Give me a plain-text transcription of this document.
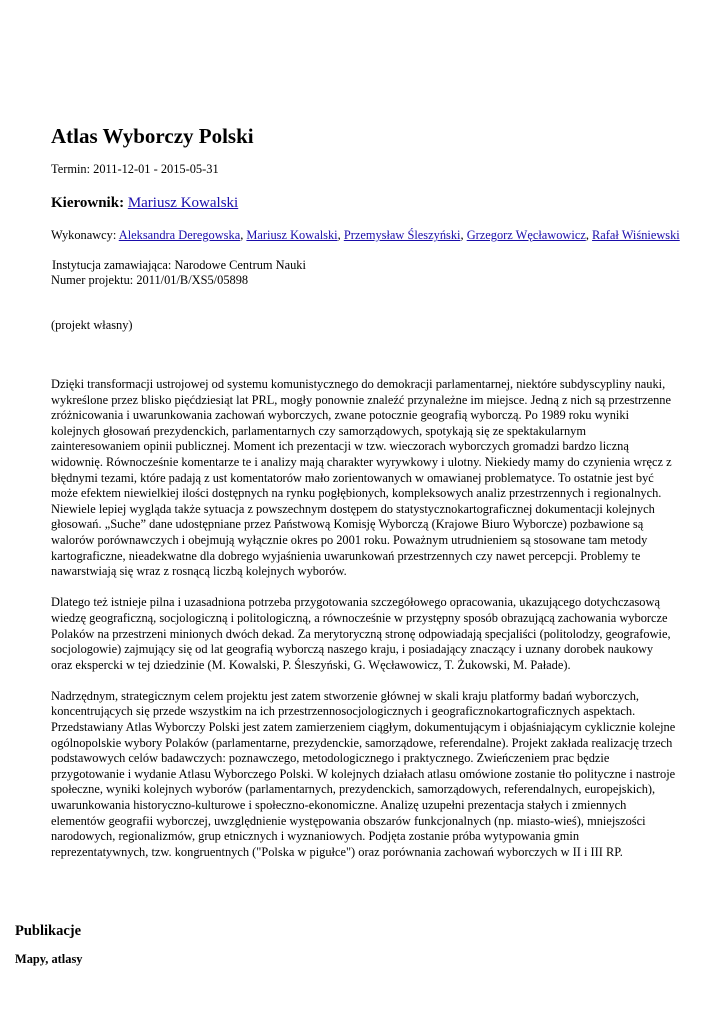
Atlas Wyborczy Polski
Termin: 2011-12-01 - 2015-05-31
Kierownik: Mariusz Kowalski
Wykonawcy: Aleksandra Deregowska, Mariusz Kowalski, Przemysław Śleszyński, Grzegorz Węcławowicz, Rafał Wiśniewski
Instytucja zamawiająca: Narodowe Centrum Nauki
Numer projektu: 2011/01/B/XS5/05898
(projekt własny)

Dzięki transformacji ustrojowej od systemu komunistycznego do demokracji parlamentarnej, niektóre subdyscypliny nauki, wykreślone przez blisko pięćdziesiąt lat PRL, mogły ponownie znaleźć przynależne im miejsce. Jedną z nich są przestrzenne zróżnicowania i uwarunkowania zachowań wyborczych, zwane potocznie geografią wyborczą. Po 1989 roku wyniki kolejnych głosowań prezydenckich, parlamentarnych czy samorządowych, spotykają się ze spektakularnym zainteresowaniem opinii publicznej. Moment ich prezentacji w tzw. wieczorach wyborczych gromadzi bardzo liczną widownię. Równocześnie komentarze te i analizy mają charakter wyrywkowy i ulotny. Niekiedy mamy do czynienia wręcz z błędnymi tezami, które padają z ust komentatorów mało zorientowanych w omawianej problematyce. To ostatnie jest być może efektem niewielkiej ilości dostępnych na rynku pogłębionych, kompleksowych analiz przestrzennych i regionalnych. Niewiele lepiej wygląda także sytuacja z powszechnym dostępem do statystycznokartograficznej dokumentacji kolejnych głosowań. „Suche” dane udostępniane przez Państwową Komisję Wyborczą (Krajowe Biuro Wyborcze) pozbawione są walorów porównawczych i obejmują wyłącznie okres po 2001 roku. Poważnym utrudnieniem są stosowane tam metody kartograficzne, nieadekwatne dla dobrego wyjaśnienia uwarunkowań przestrzennych czy nawet percepcji. Problemy te nawarstwiają się wraz z rosnącą liczbą kolejnych wyborów.

Dlatego też istnieje pilna i uzasadniona potrzeba przygotowania szczegółowego opracowania, ukazującego dotychczasową wiedzę geograficzną, socjologiczną i politologiczną, a równocześnie w przystępny sposób obrazującą zachowania wyborcze Polaków na przestrzeni minionych dwóch dekad. Za merytoryczną stronę odpowiadają specjaliści (politolodzy, geografowie, socjologowie) zajmujący się od lat geografią wyborczą naszego kraju, i posiadający znaczący i uznany dorobek naukowy oraz ekspercki w tej dziedzinie (M. Kowalski, P. Śleszyński, G. Węcławowicz, T. Żukowski, M. Pałade).

Nadrzędnym, strategicznym celem projektu jest zatem stworzenie głównej w skali kraju platformy badań wyborczych, koncentrujących się przede wszystkim na ich przestrzennosocjologicznych i geograficznokartograficznych aspektach. Przedstawiany Atlas Wyborczy Polski jest zatem zamierzeniem ciągłym, dokumentującym i objaśniającym cyklicznie kolejne ogólnopolskie wybory Polaków (parlamentarne, prezydenckie, samorządowe, referendalne). Projekt zakłada realizację trzech podstawowych celów badawczych: poznawczego, metodologicznego i praktycznego. Zwieńczeniem prac będzie przygotowanie i wydanie Atlasu Wyborczego Polski. W kolejnych działach atlasu omówione zostanie tło polityczne i nastroje społeczne, wyniki kolejnych wyborów (parlamentarnych, prezydenckich, samorządowych, referendalnych, europejskich), uwarunkowania historyczno-kulturowe i społeczno-ekonomiczne. Analizę uzupełni prezentacja stałych i zmiennych elementów geografii wyborczej, uwzględnienie występowania obszarów funkcjonalnych (np. miasto-wieś), mniejszości narodowych, regionalizmów, grup etnicznych i wyznaniowych. Podjęta zostanie próba wytypowania gmin reprezentatywnych, tzw. kongruentnych ("Polska w pigułce") oraz porównania zachowań wyborczych w II i III RP.

Publikacje
Mapy, atlasy
